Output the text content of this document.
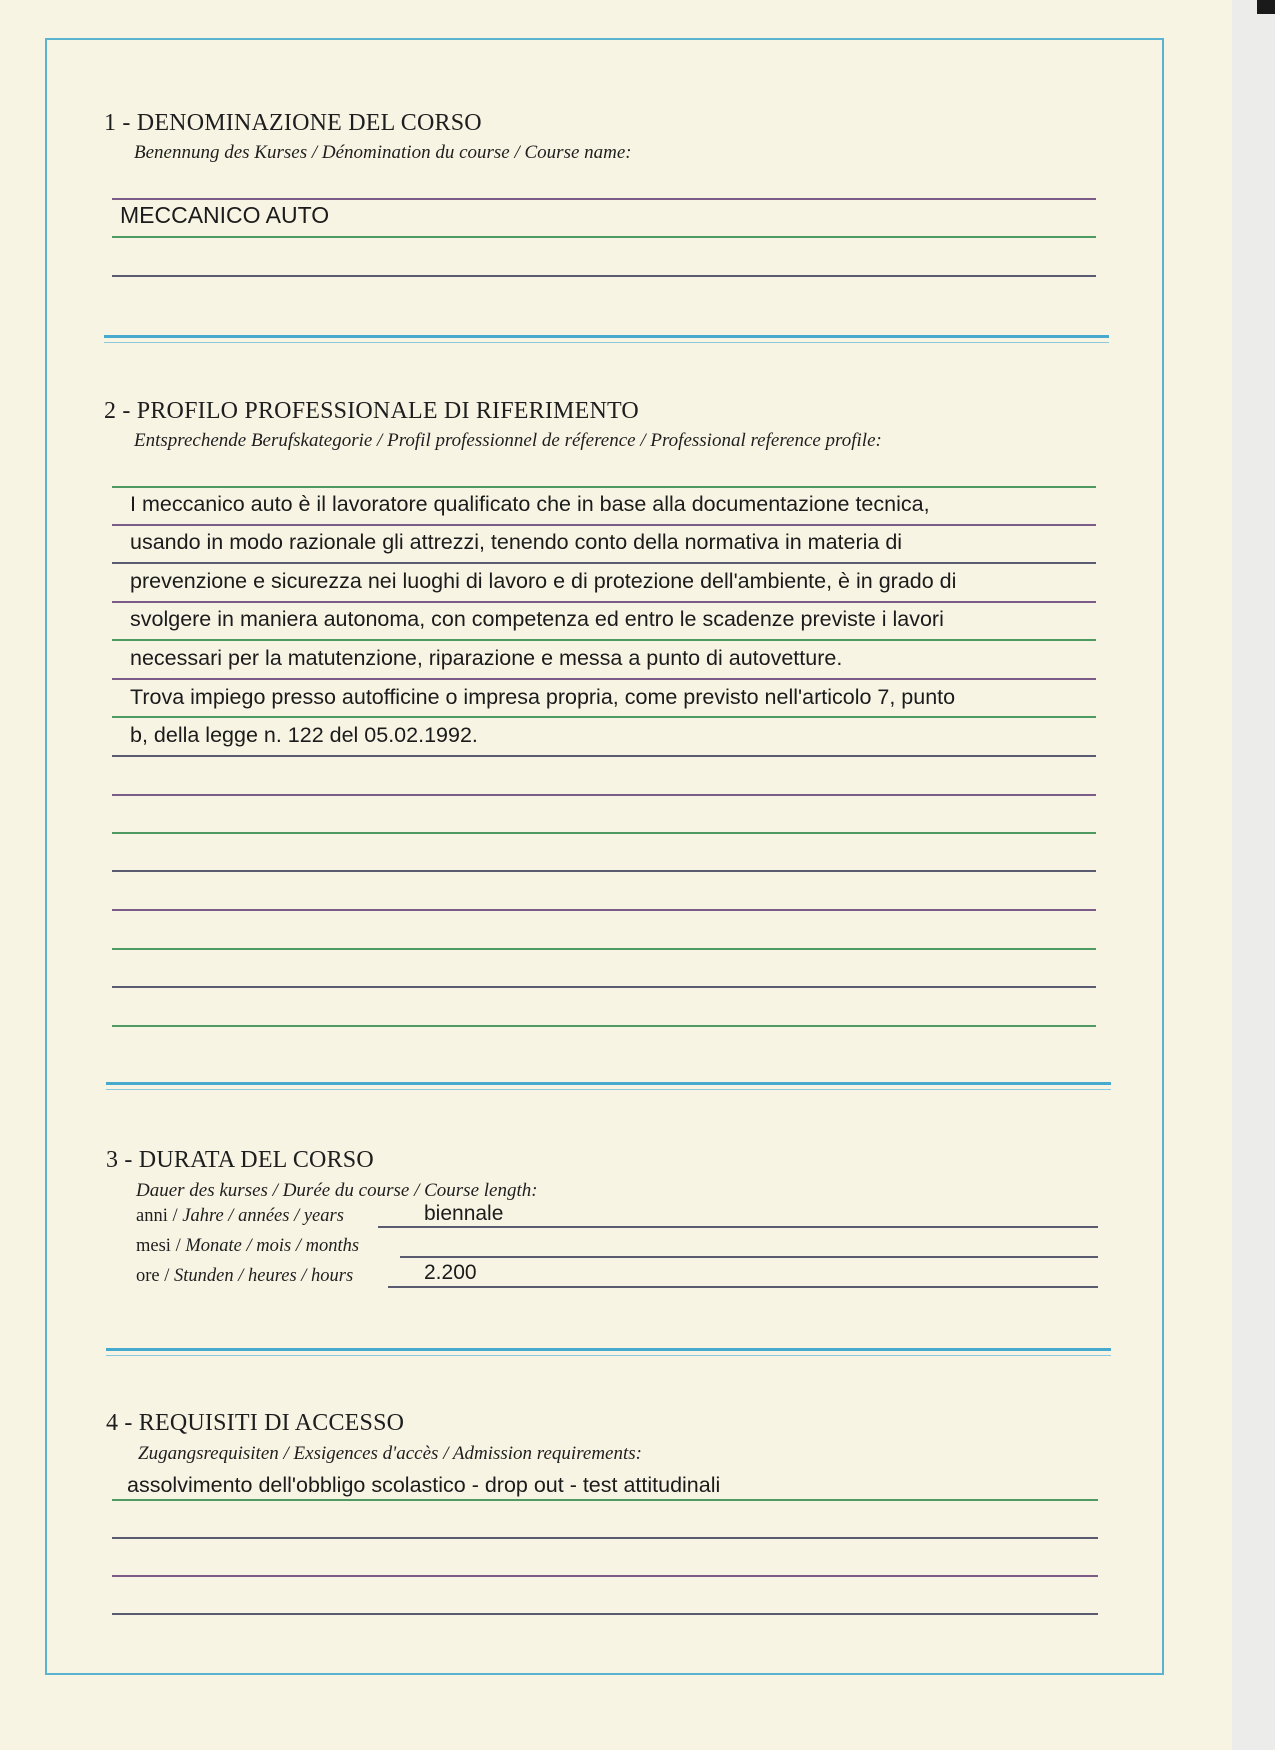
1 - DENOMINAZIONE DEL CORSO
Benennung des Kurses / Dénomination du course / Course name:
MECCANICO AUTO
2 - PROFILO PROFESSIONALE DI RIFERIMENTO
Entsprechende Berufskategorie / Profil professionnel de réference / Professional reference profile:
I meccanico auto è il lavoratore qualificato che in base alla documentazione tecnica,
usando in modo razionale gli attrezzi, tenendo conto della normativa in materia di
prevenzione e sicurezza nei luoghi di lavoro e di protezione dell'ambiente, è in grado di
svolgere in maniera autonoma, con competenza ed entro le scadenze previste i lavori
necessari per la matutenzione, riparazione e messa a punto di autovetture.
Trova impiego presso autofficine o impresa propria, come previsto nell'articolo 7, punto
b, della legge n. 122 del 05.02.1992.
3 - DURATA DEL CORSO
Dauer des kurses / Durée du course / Course length:
anni / Jahre / années / years	biennale
mesi / Monate / mois / months
ore / Stunden / heures / hours	2.200
4 - REQUISITI DI ACCESSO
Zugangsrequisiten / Exsigences d'accès / Admission requirements:
assolvimento dell'obbligo scolastico - drop out - test attitudinali
